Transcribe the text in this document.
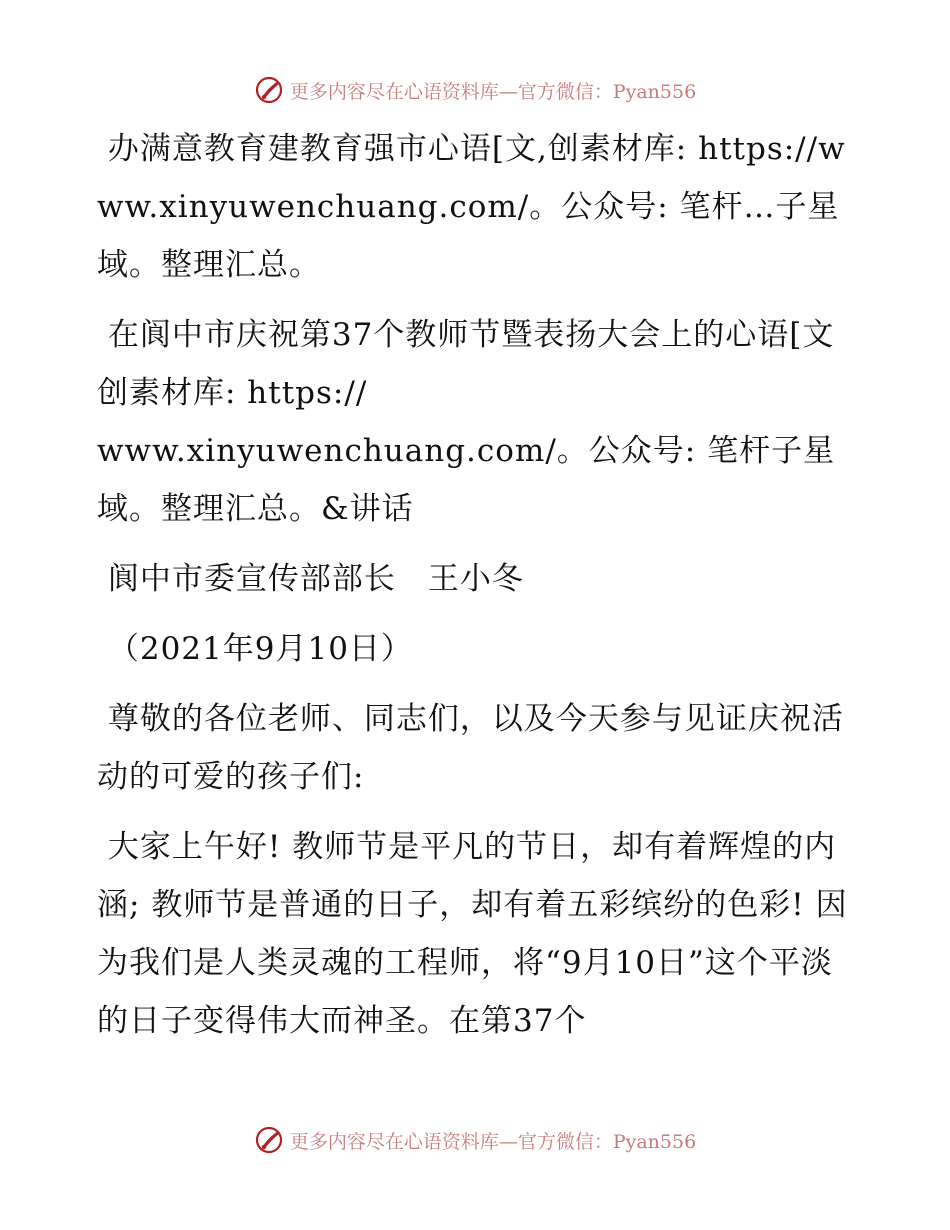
更多内容尽在心语资料库—官方微信：Pyan556

办满意教育建教育强市心语[文,创素材库: https://www.xinyuwenchuang.com/。公众号: 笔杆…子星域。整理汇总。

在阆中市庆祝第37个教师节暨表扬大会上的心语[文创素材库: https://
www.xinyuwenchuang.com/。公众号: 笔杆子星域。整理汇总。&讲话

阆中市委宣传部部长　王小冬

（2021年9月10日）

尊敬的各位老师、同志们，以及今天参与见证庆祝活动的可爱的孩子们:

大家上午好! 教师节是平凡的节日，却有着辉煌的内涵; 教师节是普通的日子，却有着五彩缤纷的色彩! 因为我们是人类灵魂的工程师，将“9月10日”这个平淡的日子变得伟大而神圣。在第37个

更多内容尽在心语资料库—官方微信：Pyan556
